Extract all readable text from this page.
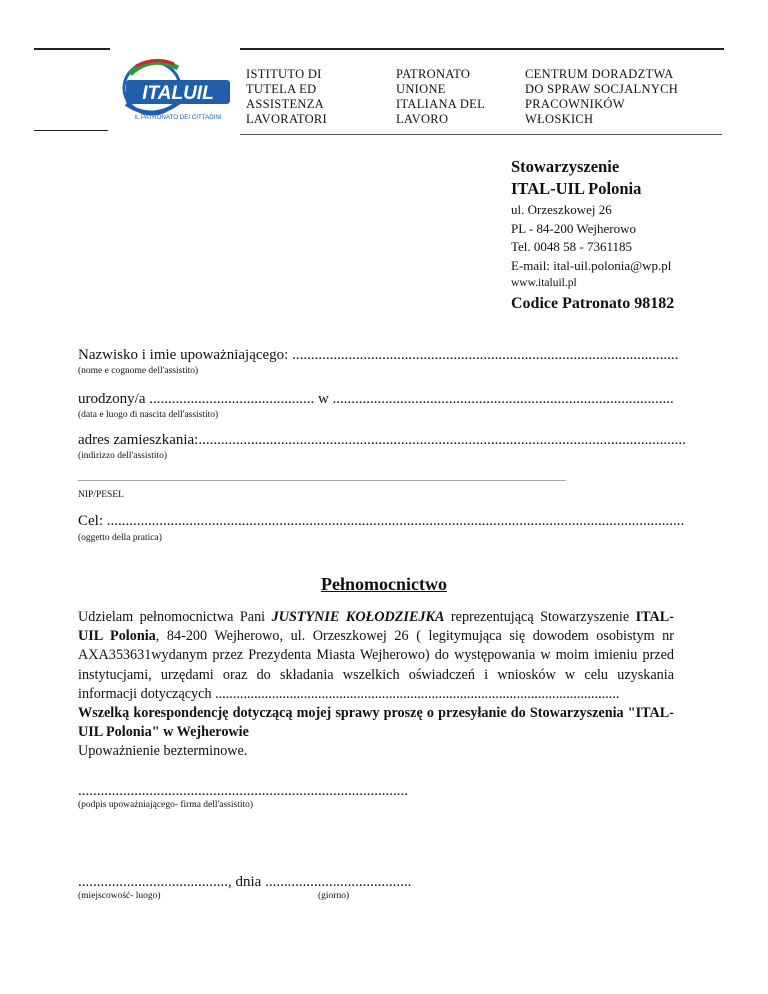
ITALUIL
IL PATRONATO DEI CITTADINI
ISTITUTO DI
TUTELA ED
ASSISTENZA
LAVORATORI
PATRONATO
UNIONE
ITALIANA DEL
LAVORO
CENTRUM DORADZTWA
DO SPRAW SOCJALNYCH
PRACOWNIKÓW
WŁOSKICH
Stowarzyszenie
ITAL-UIL Polonia
ul. Orzeszkowej 26
PL - 84-200 Wejherowo
Tel. 0048 58 - 7361185
E-mail: ital-uil.polonia@wp.pl
www.italuil.pl
Codice Patronato 98182
Nazwisko i imie upoważniającego: .......................................................................................................
(nome e cognome dell'assistito)
urodzony/a ............................................ w ...........................................................................................
(data e luogo di nascita dell'assistito)
adres zamieszkania:..................................................................................................................................
(indirizzo dell'assistito)
....................................................................................................................................................................................................................................................
NIP/PESEL
Cel: ..........................................................................................................................................................
(oggetto della pratica)
Pełnomocnictwo

Udzielam pełnomocnictwa Pani JUSTYNIE KOŁODZIEJKA reprezentującą Stowarzyszenie ITAL-UIL Polonia, 84-200 Wejherowo, ul. Orzeszkowej 26 ( legitymująca się dowodem osobistym nr AXA353631wydanym przez Prezydenta Miasta Wejherowo) do występowania w moim imieniu przed instytucjami, urzędami oraz do składania wszelkich oświadczeń i wniosków w celu uzyskania informacji dotyczących ..................................................................................................................

Wszelką korespondencję dotyczącą mojej sprawy proszę o przesyłanie do Stowarzyszenia "ITAL-UIL Polonia" w Wejherowie

Upoważnienie bezterminowe.

........................................................................................
(podpis upoważniającego- firma dell'assistito)
........................................, dnia .......................................
(miejscowość- luogo)	(giorno)
